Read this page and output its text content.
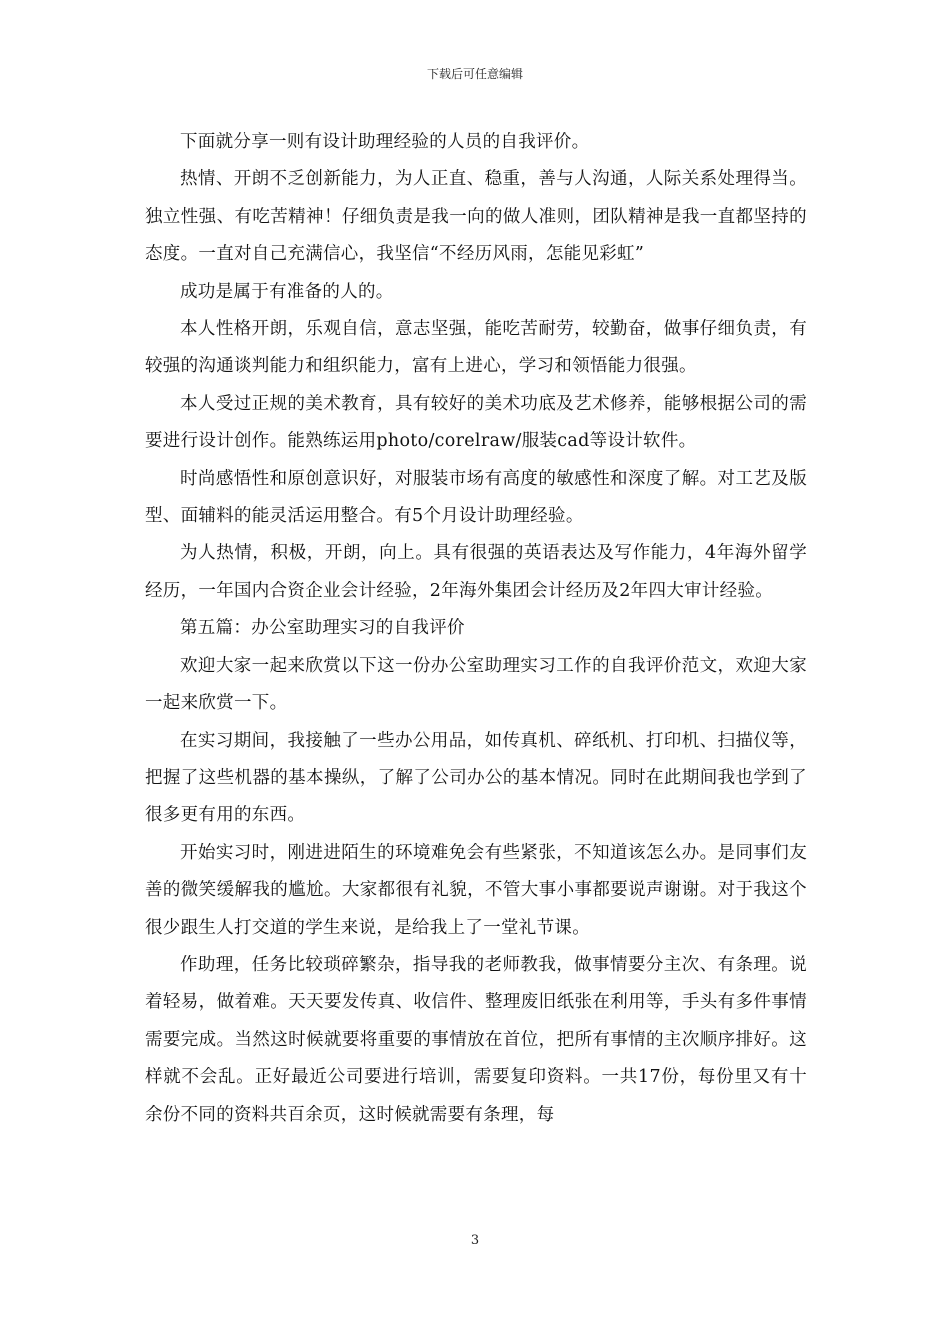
下载后可任意编辑

下面就分享一则有设计助理经验的人员的自我评价。

热情、开朗不乏创新能力，为人正直、稳重，善与人沟通，人际关系处理得当。独立性强、有吃苦精神！仔细负责是我一向的做人准则，团队精神是我一直都坚持的态度。一直对自己充满信心，我坚信“不经历风雨，怎能见彩虹”

成功是属于有准备的人的。

本人性格开朗，乐观自信，意志坚强，能吃苦耐劳，较勤奋，做事仔细负责，有较强的沟通谈判能力和组织能力，富有上进心，学习和领悟能力很强。

本人受过正规的美术教育，具有较好的美术功底及艺术修养，能够根据公司的需要进行设计创作。能熟练运用photo/corelraw/服装cad等设计软件。

时尚感悟性和原创意识好，对服装市场有高度的敏感性和深度了解。对工艺及版型、面辅料的能灵活运用整合。有5个月设计助理经验。

为人热情，积极，开朗，向上。具有很强的英语表达及写作能力，4年海外留学经历，一年国内合资企业会计经验，2年海外集团会计经历及2年四大审计经验。

第五篇：办公室助理实习的自我评价

欢迎大家一起来欣赏以下这一份办公室助理实习工作的自我评价范文，欢迎大家一起来欣赏一下。

在实习期间，我接触了一些办公用品，如传真机、碎纸机、打印机、扫描仪等，把握了这些机器的基本操纵，了解了公司办公的基本情况。同时在此期间我也学到了很多更有用的东西。

开始实习时，刚进进陌生的环境难免会有些紧张，不知道该怎么办。是同事们友善的微笑缓解我的尴尬。大家都很有礼貌，不管大事小事都要说声谢谢。对于我这个很少跟生人打交道的学生来说，是给我上了一堂礼节课。

作助理，任务比较琐碎繁杂，指导我的老师教我，做事情要分主次、有条理。说着轻易，做着难。天天要发传真、收信件、整理废旧纸张在利用等，手头有多件事情需要完成。当然这时候就要将重要的事情放在首位，把所有事情的主次顺序排好。这样就不会乱。正好最近公司要进行培训，需要复印资料。一共17份，每份里又有十余份不同的资料共百余页，这时候就需要有条理，每

3
